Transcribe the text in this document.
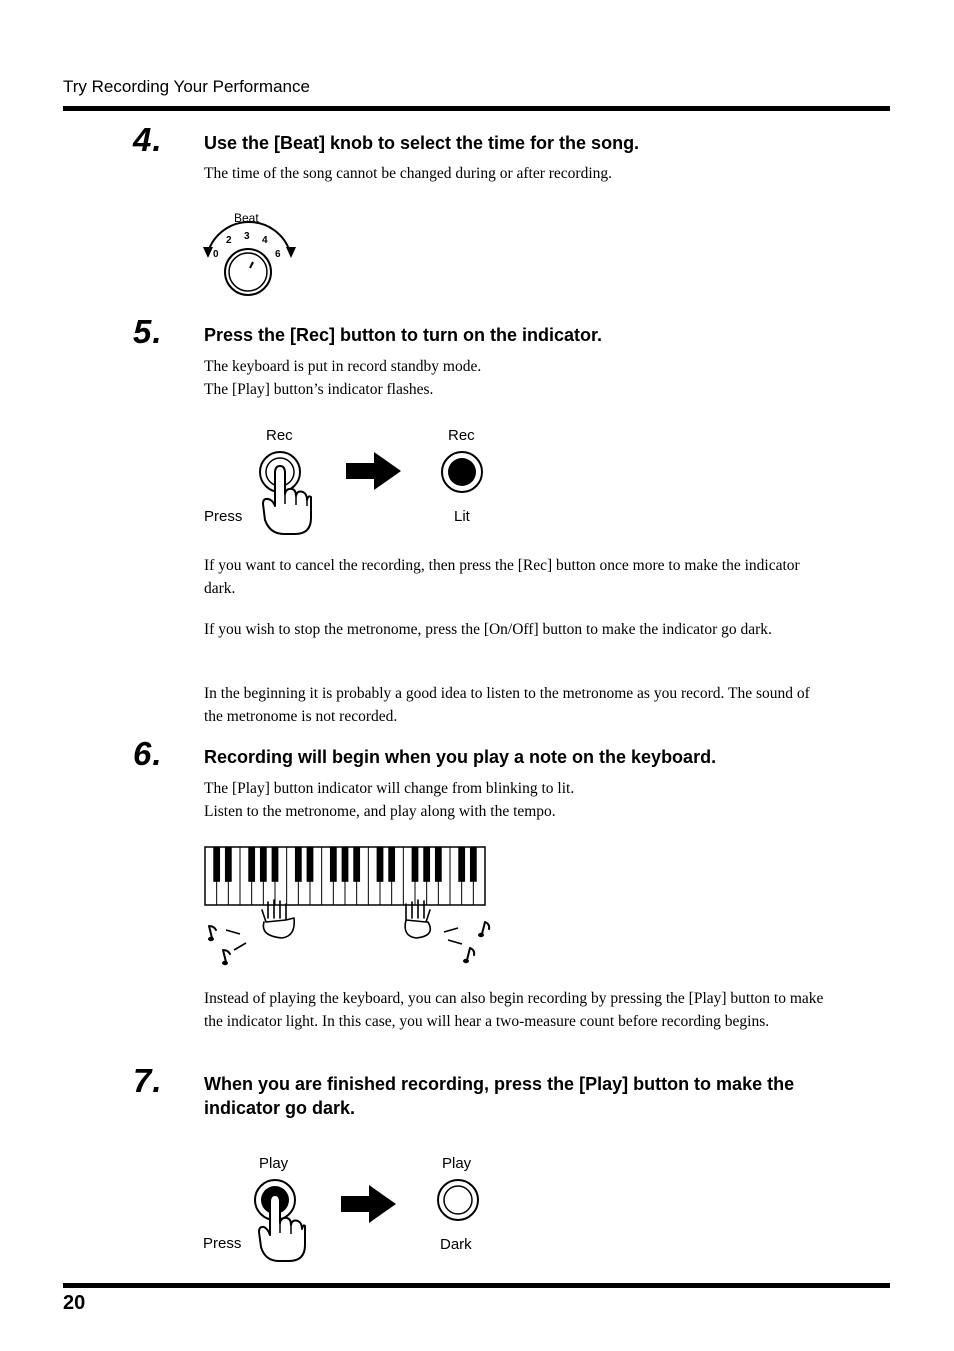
Try Recording Your Performance
4. Use the [Beat] knob to select the time for the song.

The time of the song cannot be changed during or after recording.

Beat
0
2 3 4
6
5. Press the [Rec] button to turn on the indicator.

The keyboard is put in record standby mode.

The [Play] button’s indicator flashes.

Rec	Rec
Press	Lit
If you want to cancel the recording, then press the [Rec] button once more to make the indicator dark.
If you wish to stop the metronome, press the [On/Off] button to make the indicator go dark.
In the beginning it is probably a good idea to listen to the metronome as you record. The sound of the metronome is not recorded.
6. Recording will begin when you play a note on the keyboard.

The [Play] button indicator will change from blinking to lit.

Listen to the metronome, and play along with the tempo.

Instead of playing the keyboard, you can also begin recording by pressing the [Play] button to make the indicator light. In this case, you will hear a two-measure count before recording begins.
7. When you are finished recording, press the [Play] button to make the indicator go dark.
Play	Play
Press	Dark
20
